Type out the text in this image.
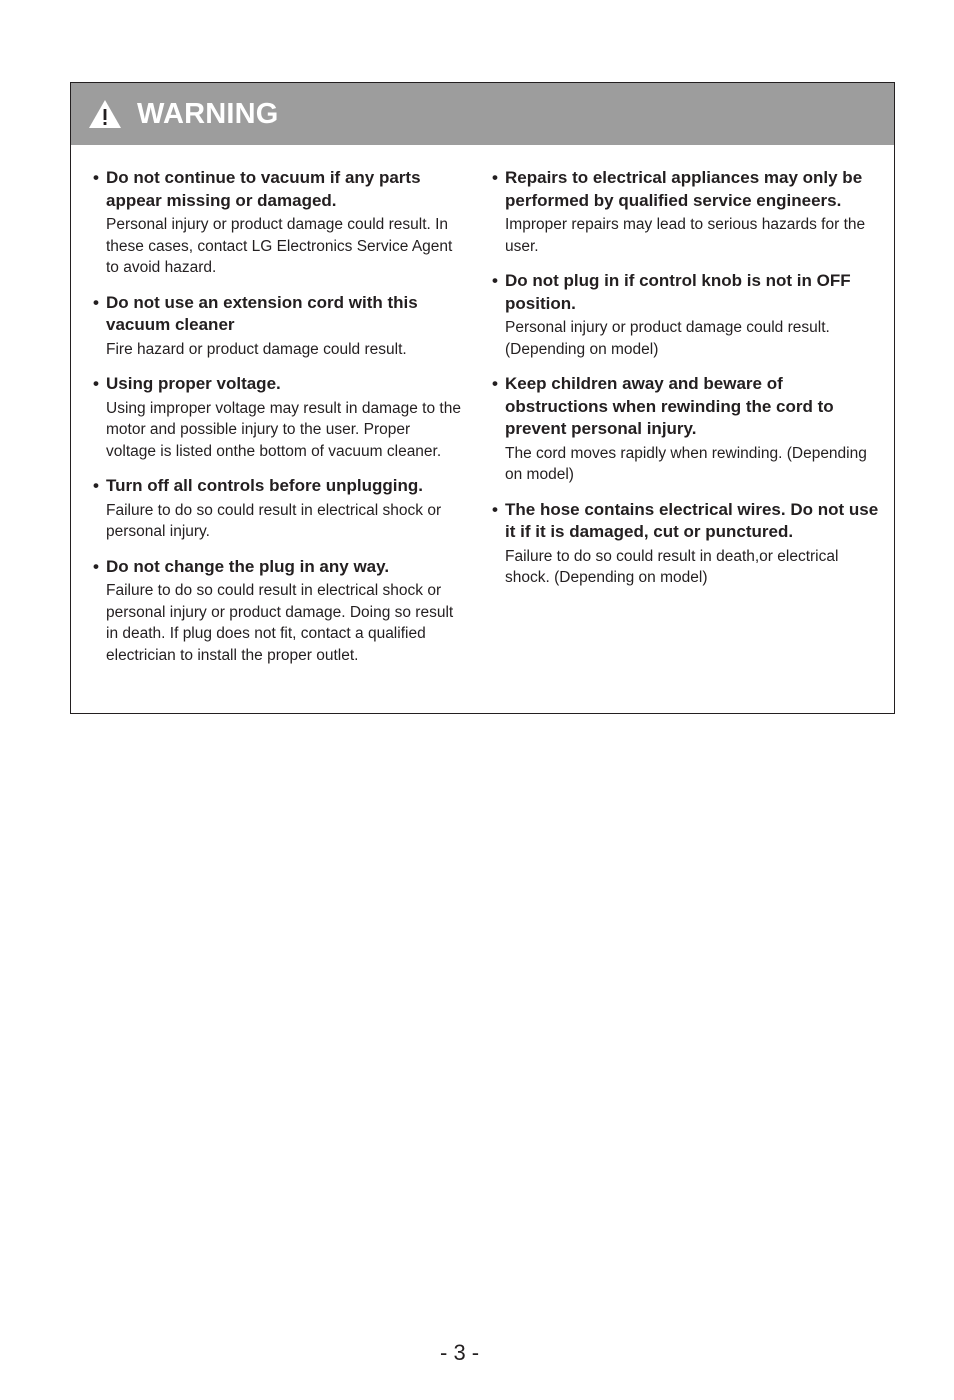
WARNING
• Do not continue to vacuum if any parts appear missing or damaged.
Personal injury or product damage could result. In these cases, contact LG Electronics Service Agent to avoid hazard.
• Do not use an extension cord with this vacuum cleaner
Fire hazard or product damage could result.
• Using proper voltage.
Using improper voltage may result in damage to the motor and possible injury to the user. Proper voltage is listed onthe bottom of vacuum cleaner.
• Turn off all controls before unplugging.
Failure to do so could result in electrical shock or personal injury.
• Do not change the plug in any way.
Failure to do so could result in electrical shock or personal injury or product damage. Doing so result in death. If plug does not fit, contact a qualified electrician to install the proper outlet.
• Repairs to electrical appliances may only be performed by qualified service engineers.
Improper repairs may lead to serious hazards for the user.
• Do not plug in if control knob is not in OFF position.
Personal injury or product damage could result. (Depending on model)
• Keep children away and beware of obstructions when rewinding the cord to prevent personal injury.
The cord moves rapidly when rewinding. (Depending on model)
• The hose contains electrical wires. Do not use it if it is damaged, cut or punctured.
Failure to do so could result in death,or electrical shock. (Depending on model)
- 3 -
